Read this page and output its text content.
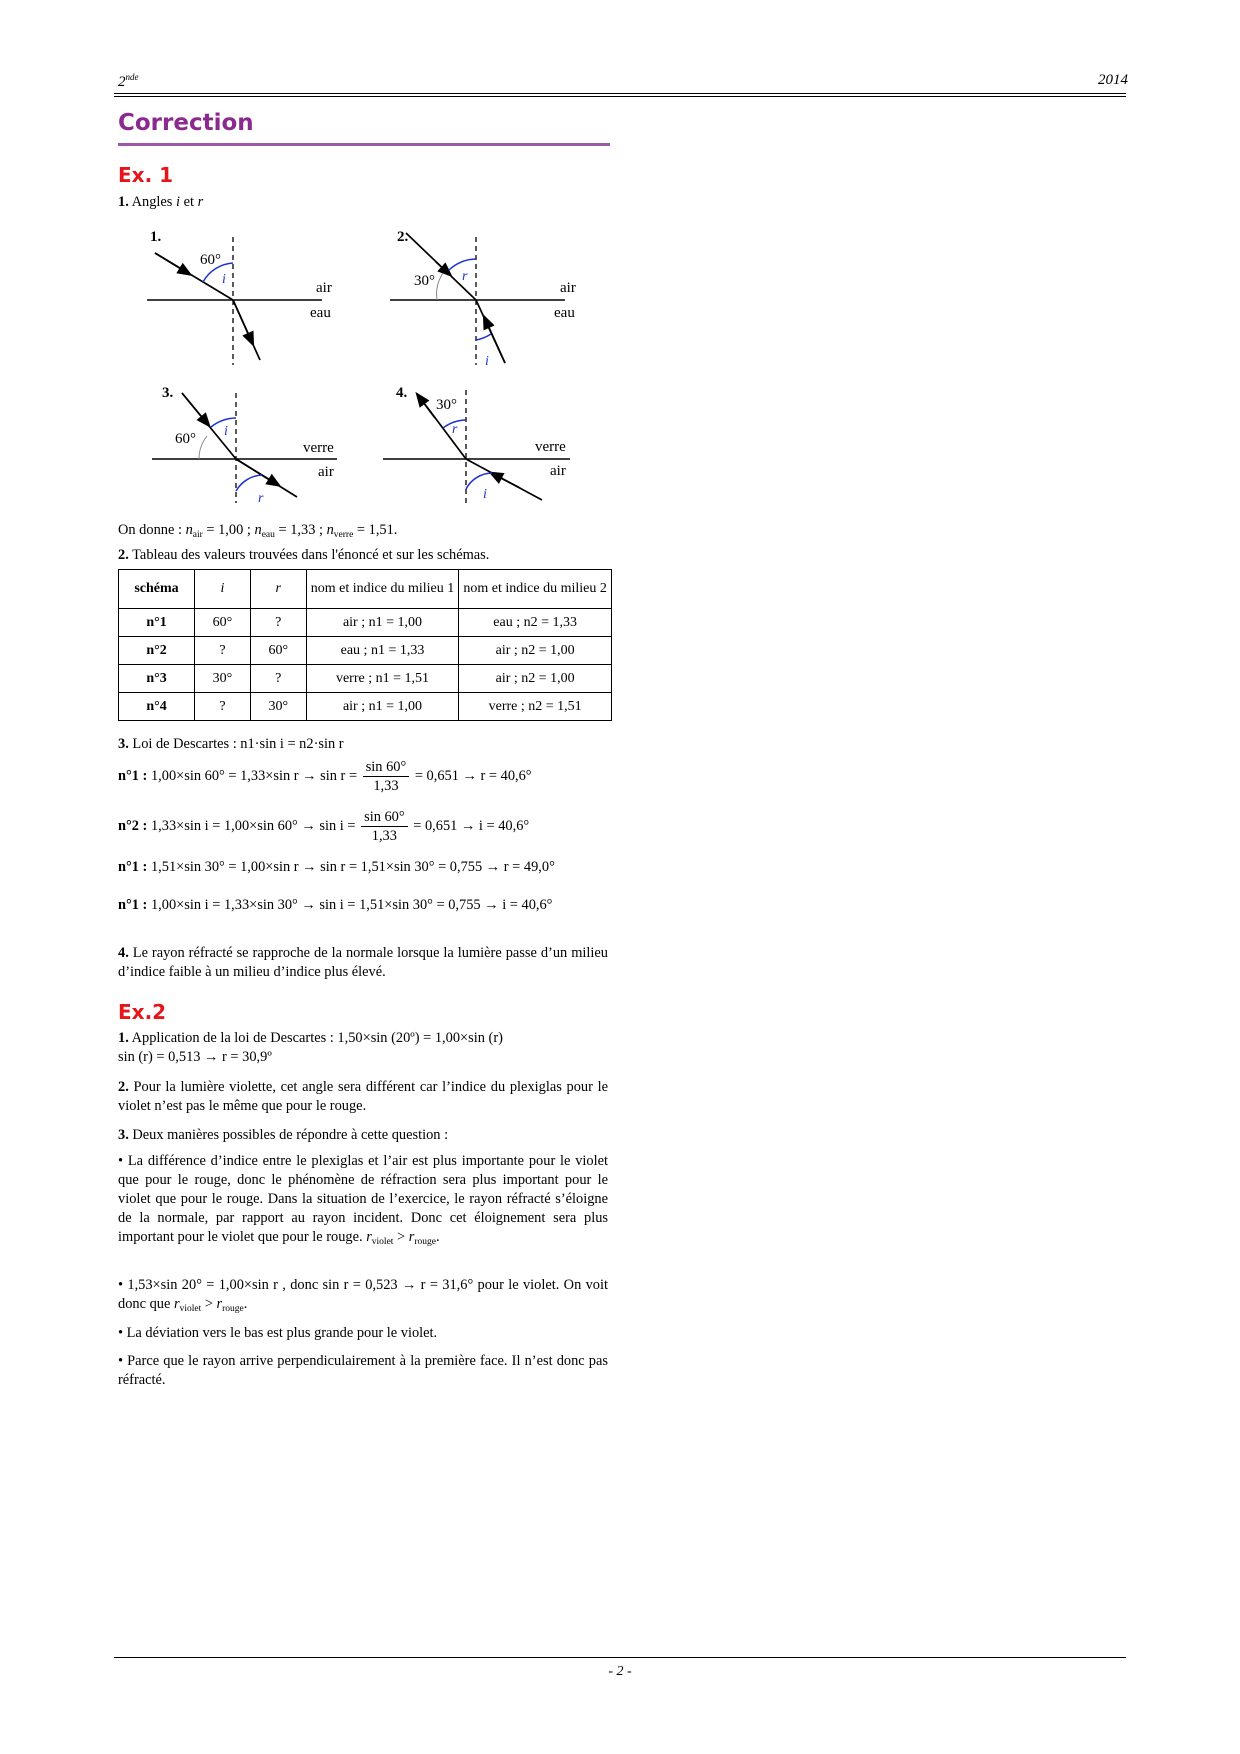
2nde	2014
Correction
Ex. 1
1. Angles i et r
1.
60°
i
air
eau
2.
30° r
i
air
eau
3.
60° i
r
verre
air
4.
30°
r
i
verre
air
On donne : $n_{air} = 1,00$ ; $n_{eau} = 1,33$ ; $n_{verre} = 1,51$.
2. Tableau des valeurs trouvées dans l'énoncé et sur les schémas.
schéma	i	r	nom et indice du milieu 1	nom et indice du milieu 2
n°1	60°	?	air ; n1 = 1,00	eau ; n2 = 1,33
n°2	?	60°	eau ; n1 = 1,33	air ; n2 = 1,00
n°3	30°	?	verre ; n1 = 1,51	air ; n2 = 1,00
n°4	?	30°	air ; n1 = 1,00	verre ; n2 = 1,51
3. Loi de Descartes : n1·sin i = n2·sin r
n°1 : 1,00×sin 60° = 1,33×sin $r \to \sin r = \frac{\sin 60^\circ}{1,33} = 0,651 \to r = 40,6^\circ$
n°2 : 1,33×sin i = 1,00×sin $60^\circ \to \sin i = \frac{\sin 60^\circ}{1,33} = 0,651 \to i = 40,6^\circ$
n°1 : 1,51×sin 30° = 1,00×sin r → sin r = 1,51×sin 30° = 0,755 → r = 49,0°
n°1 : 1,00×sin i = 1,33×sin 30° → sin i = 1,51×sin 30° = 0,755 → i = 40,6°
4. Le rayon réfracté se rapproche de la normale lorsque la lumière passe d’un milieu d’indice faible à un milieu d’indice plus élevé.
Ex.2
1. Application de la loi de Descartes : 1,50×sin (20º) = 1,00×sin (r)
sin (r) = 0,513 → r = 30,9º
2. Pour la lumière violette, cet angle sera différent car l’indice du plexiglas pour le violet n’est pas le même que pour le rouge.
3. Deux manières possibles de répondre à cette question :
• La différence d’indice entre le plexiglas et l’air est plus importante pour le violet que pour le rouge, donc le phénomène de réfraction sera plus important pour le violet que pour le rouge. Dans la situation de l’exercice, le rayon réfracté s’éloigne de la normale, par rapport au rayon incident. Donc cet éloignement sera plus important pour le violet que pour le rouge. $r_{violet} > r_{rouge}$.
• 1,53×sin 20° = 1,00×sin r , donc sin r = 0,523 → r = 31,6° pour le violet. On voit donc que $r_{violet} > r_{rouge}$.
• La déviation vers le bas est plus grande pour le violet.
• Parce que le rayon arrive perpendiculairement à la première face. Il n’est donc pas réfracté.
- 2 -
